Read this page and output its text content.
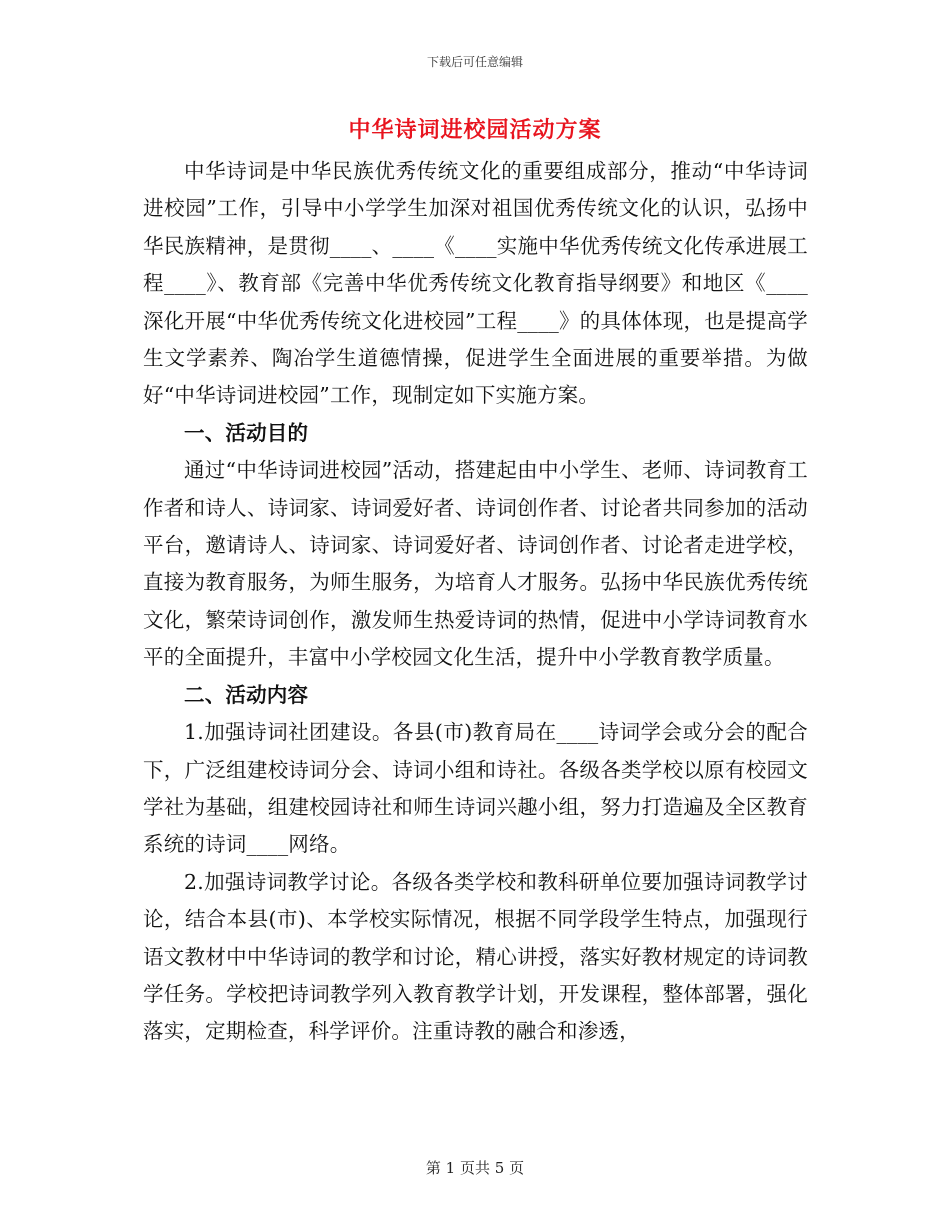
下载后可任意编辑
中华诗词进校园活动方案

中华诗词是中华民族优秀传统文化的重要组成部分，推动“中华诗词进校园”工作，引导中小学学生加深对祖国优秀传统文化的认识，弘扬中华民族精神，是贯彻____、____《____实施中华优秀传统文化传承进展工程____》、教育部《完善中华优秀传统文化教育指导纲要》和地区《____深化开展“中华优秀传统文化进校园”工程____》的具体体现，也是提高学生文学素养、陶冶学生道德情操，促进学生全面进展的重要举措。为做好“中华诗词进校园”工作，现制定如下实施方案。

一、活动目的

通过“中华诗词进校园”活动，搭建起由中小学生、老师、诗词教育工作者和诗人、诗词家、诗词爱好者、诗词创作者、讨论者共同参加的活动平台，邀请诗人、诗词家、诗词爱好者、诗词创作者、讨论者走进学校，直接为教育服务，为师生服务，为培育人才服务。弘扬中华民族优秀传统文化，繁荣诗词创作，激发师生热爱诗词的热情，促进中小学诗词教育水平的全面提升，丰富中小学校园文化生活，提升中小学教育教学质量。

二、活动内容

1.加强诗词社团建设。各县(市)教育局在____诗词学会或分会的配合下，广泛组建校诗词分会、诗词小组和诗社。各级各类学校以原有校园文学社为基础，组建校园诗社和师生诗词兴趣小组，努力打造遍及全区教育系统的诗词____网络。

2.加强诗词教学讨论。各级各类学校和教科研单位要加强诗词教学讨论，结合本县(市)、本学校实际情况，根据不同学段学生特点，加强现行语文教材中中华诗词的教学和讨论，精心讲授，落实好教材规定的诗词教学任务。学校把诗词教学列入教育教学计划，开发课程，整体部署，强化落实，定期检查，科学评价。注重诗教的融合和渗透，

第 1 页共 5 页
